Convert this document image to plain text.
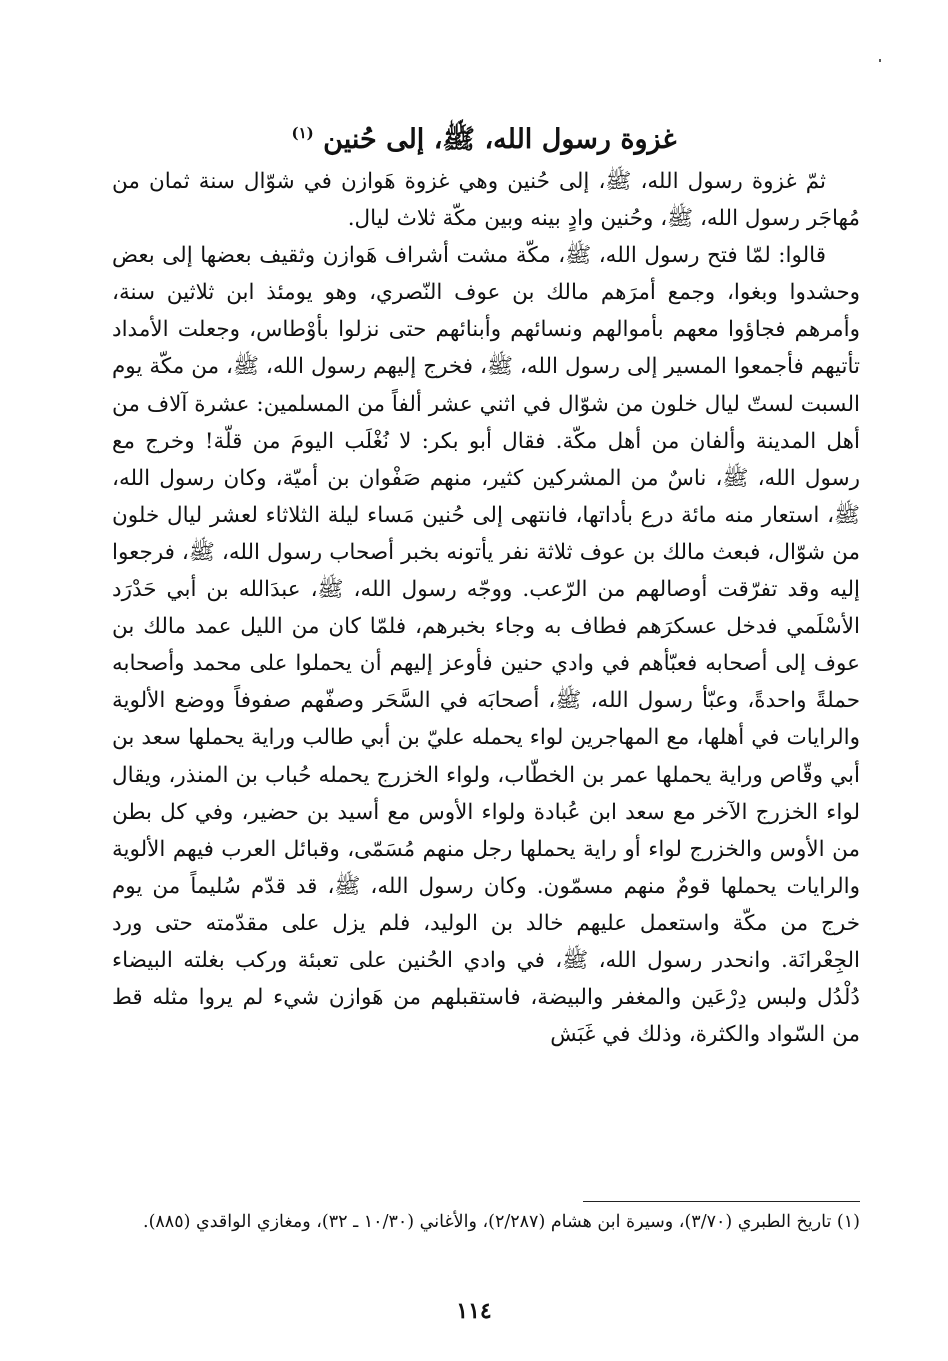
غزوة رسول الله، ﷺ، إلى حُنين $^{(١)}$

ثمّ غزوة رسول الله، ﷺ، إلى حُنين وهي غزوة هَوازن في شوّال سنة ثمان من مُهاجَر رسول الله، ﷺ، وحُنين وادٍ بينه وبين مكّة ثلاث ليال.

قالوا: لمّا فتح رسول الله، ﷺ، مكّة مشت أشراف هَوازن وثقيف بعضها إلى بعض وحشدوا وبغوا، وجمع أمرَهم مالك بن عوف النّصري، وهو يومئذ ابن ثلاثين سنة، وأمرهم فجاؤوا معهم بأموالهم ونسائهم وأبنائهم حتى نزلوا بأوْطاس، وجعلت الأمداد تأتيهم فأجمعوا المسير إلى رسول الله، ﷺ، فخرج إليهم رسول الله، ﷺ، من مكّة يوم السبت لستّ ليال خلون من شوّال في اثني عشر ألفاً من المسلمين: عشرة آلاف من أهل المدينة وألفان من أهل مكّة. فقال أبو بكر: لا نُغْلَب اليومَ من قلّة! وخرج مع رسول الله، ﷺ، ناسٌ من المشركين كثير، منهم صَفْوان بن أميّة، وكان رسول الله، ﷺ، استعار منه مائة درع بأداتها، فانتهى إلى حُنين مَساء ليلة الثلاثاء لعشر ليال خلون من شوّال، فبعث مالك بن عوف ثلاثة نفر يأتونه بخبر أصحاب رسول الله، ﷺ، فرجعوا إليه وقد تفرّقت أوصالهم من الرّعب. ووجّه رسول الله، ﷺ، عبدَالله بن أبي حَدْرَد الأسْلَمي فدخل عسكرَهم فطاف به وجاء بخبرهم، فلمّا كان من الليل عمد مالك بن عوف إلى أصحابه فعبّأهم في وادي حنين فأوعز إليهم أن يحملوا على محمد وأصحابه حملةً واحدةً، وعبّأ رسول الله، ﷺ، أصحابَه في السَّحَر وصفّهم صفوفاً ووضع الألوية والرايات في أهلها، مع المهاجرين لواء يحمله عليّ بن أبي طالب وراية يحملها سعد بن أبي وقّاص وراية يحملها عمر بن الخطّاب، ولواء الخزرج يحمله حُباب بن المنذر، ويقال لواء الخزرج الآخر مع سعد ابن عُبادة ولواء الأوس مع أسيد بن حضير، وفي كل بطن من الأوس والخزرج لواء أو راية يحملها رجل منهم مُسَمّى، وقبائل العرب فيهم الألوية والرايات يحملها قومٌ منهم مسمّون. وكان رسول الله، ﷺ، قد قدّم سُليماً من يوم خرج من مكّة واستعمل عليهم خالد بن الوليد، فلم يزل على مقدّمته حتى ورد الجِعْرانَة. وانحدر رسول الله، ﷺ، في وادي الحُنين على تعبئة وركب بغلته البيضاء دُلْدُل ولبس دِرْعَين والمغفر والبيضة، فاستقبلهم من هَوازن شيء لم يروا مثله قط من السّواد والكثرة، وذلك في غَبَش

(١) تاريخ الطبري (٣/٧٠)، وسيرة ابن هشام (٢/٢٨٧)، والأغاني (١٠/٣٠ ـ ٣٢)، ومغازي الواقدي (٨٨٥).

١١٤
